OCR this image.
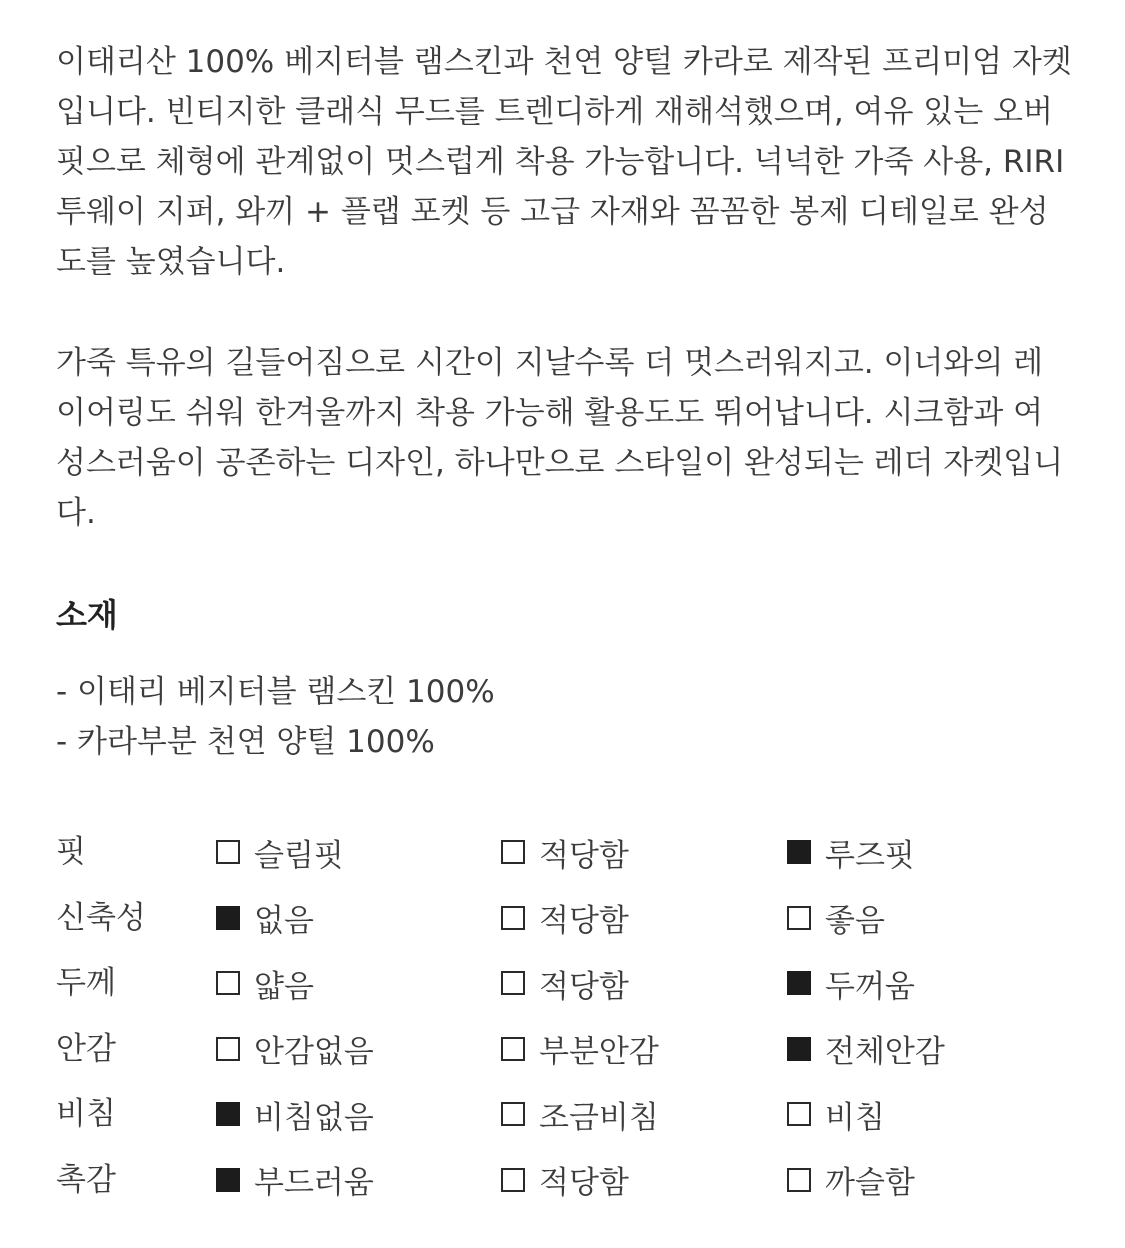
이태리산 100% 베지터블 램스킨과 천연 양털 카라로 제작된 프리미엄 자켓
입니다. 빈티지한 클래식 무드를 트렌디하게 재해석했으며, 여유 있는 오버
핏으로 체형에 관계없이 멋스럽게 착용 가능합니다. 넉넉한 가죽 사용, RIRI
투웨이 지퍼, 와끼 + 플랩 포켓 등 고급 자재와 꼼꼼한 봉제 디테일로 완성
도를 높였습니다.
가죽 특유의 길들어짐으로 시간이 지날수록 더 멋스러워지고. 이너와의 레
이어링도 쉬워 한겨울까지 착용 가능해 활용도도 뛰어납니다. 시크함과 여
성스러움이 공존하는 디자인, 하나만으로 스타일이 완성되는 레더 자켓입니
다.
소재
- 이태리 베지터블 램스킨 100%
- 카라부분 천연 양털 100%
핏	슬림핏	적당함	루즈핏
신축성	없음	적당함	좋음
두께	얇음	적당함	두꺼움
안감	안감없음	부분안감	전체안감
비침	비침없음	조금비침	비침
촉감	부드러움	적당함	까슬함
